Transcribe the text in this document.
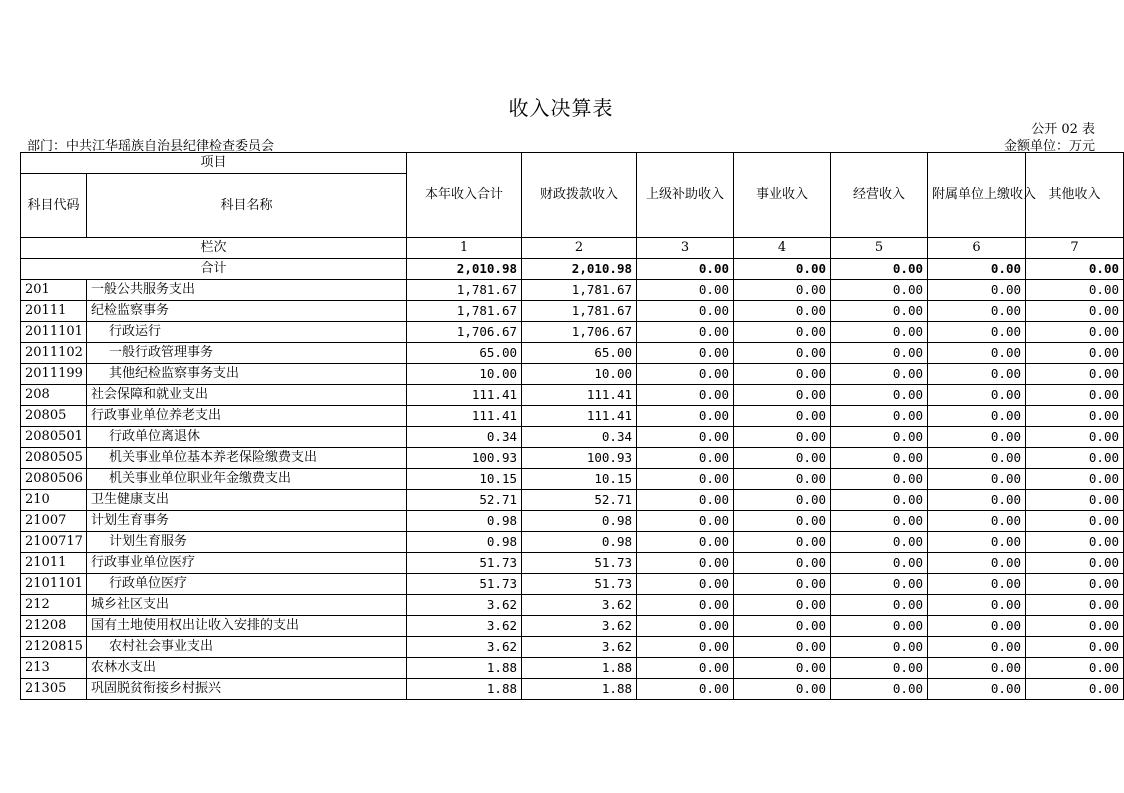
收入决算表
公开 02 表
部门：中共江华瑶族自治县纪律检查委员会	金额单位：万元
项目		本年收入合计	财政拨款收入	上级补助收入	事业收入	经营收入	附属单位上缴收入	其他收入
科目代码	科目名称							
栏次		1	2	3	4	5	6	7
合计		2,010.98	2,010.98	0.00	0.00	0.00	0.00	0.00
201	一般公共服务支出	1,781.67	1,781.67	0.00	0.00	0.00	0.00	0.00
20111	纪检监察事务	1,781.67	1,781.67	0.00	0.00	0.00	0.00	0.00
2011101	行政运行	1,706.67	1,706.67	0.00	0.00	0.00	0.00	0.00
2011102	一般行政管理事务	65.00	65.00	0.00	0.00	0.00	0.00	0.00
2011199	其他纪检监察事务支出	10.00	10.00	0.00	0.00	0.00	0.00	0.00
208	社会保障和就业支出	111.41	111.41	0.00	0.00	0.00	0.00	0.00
20805	行政事业单位养老支出	111.41	111.41	0.00	0.00	0.00	0.00	0.00
2080501	行政单位离退休	0.34	0.34	0.00	0.00	0.00	0.00	0.00
2080505	机关事业单位基本养老保险缴费支出	100.93	100.93	0.00	0.00	0.00	0.00	0.00
2080506	机关事业单位职业年金缴费支出	10.15	10.15	0.00	0.00	0.00	0.00	0.00
210	卫生健康支出	52.71	52.71	0.00	0.00	0.00	0.00	0.00
21007	计划生育事务	0.98	0.98	0.00	0.00	0.00	0.00	0.00
2100717	计划生育服务	0.98	0.98	0.00	0.00	0.00	0.00	0.00
21011	行政事业单位医疗	51.73	51.73	0.00	0.00	0.00	0.00	0.00
2101101	行政单位医疗	51.73	51.73	0.00	0.00	0.00	0.00	0.00
212	城乡社区支出	3.62	3.62	0.00	0.00	0.00	0.00	0.00
21208	国有土地使用权出让收入安排的支出	3.62	3.62	0.00	0.00	0.00	0.00	0.00
2120815	农村社会事业支出	3.62	3.62	0.00	0.00	0.00	0.00	0.00
213	农林水支出	1.88	1.88	0.00	0.00	0.00	0.00	0.00
21305	巩固脱贫衔接乡村振兴	1.88	1.88	0.00	0.00	0.00	0.00	0.00
